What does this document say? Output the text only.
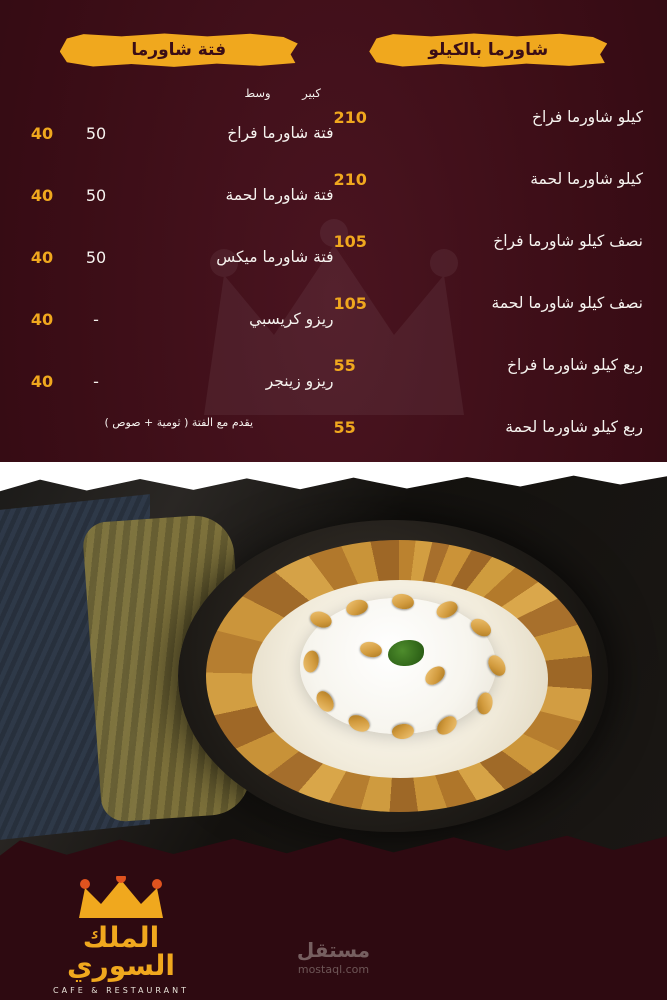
شاورما بالكيلو
كيلو شاورما فراخ
210
كيلو شاورما لحمة
210
نصف كيلو شاورما فراخ
105
نصف كيلو شاورما لحمة
105
ربع كيلو شاورما فراخ
55
ربع كيلو شاورما لحمة
55
فتة شاورما
كبير
وسط
فتة شاورما فراخ
50
40
فتة شاورما لحمة
50
40
فتة شاورما ميكس
50
40
ريزو كريسبي
-
40
ريزو زينجر
-
40
يقدم مع الفتة ( ثومية + صوص )
الملك السوري
CAFE & RESTAURANT
مستقل
mostaql.com
